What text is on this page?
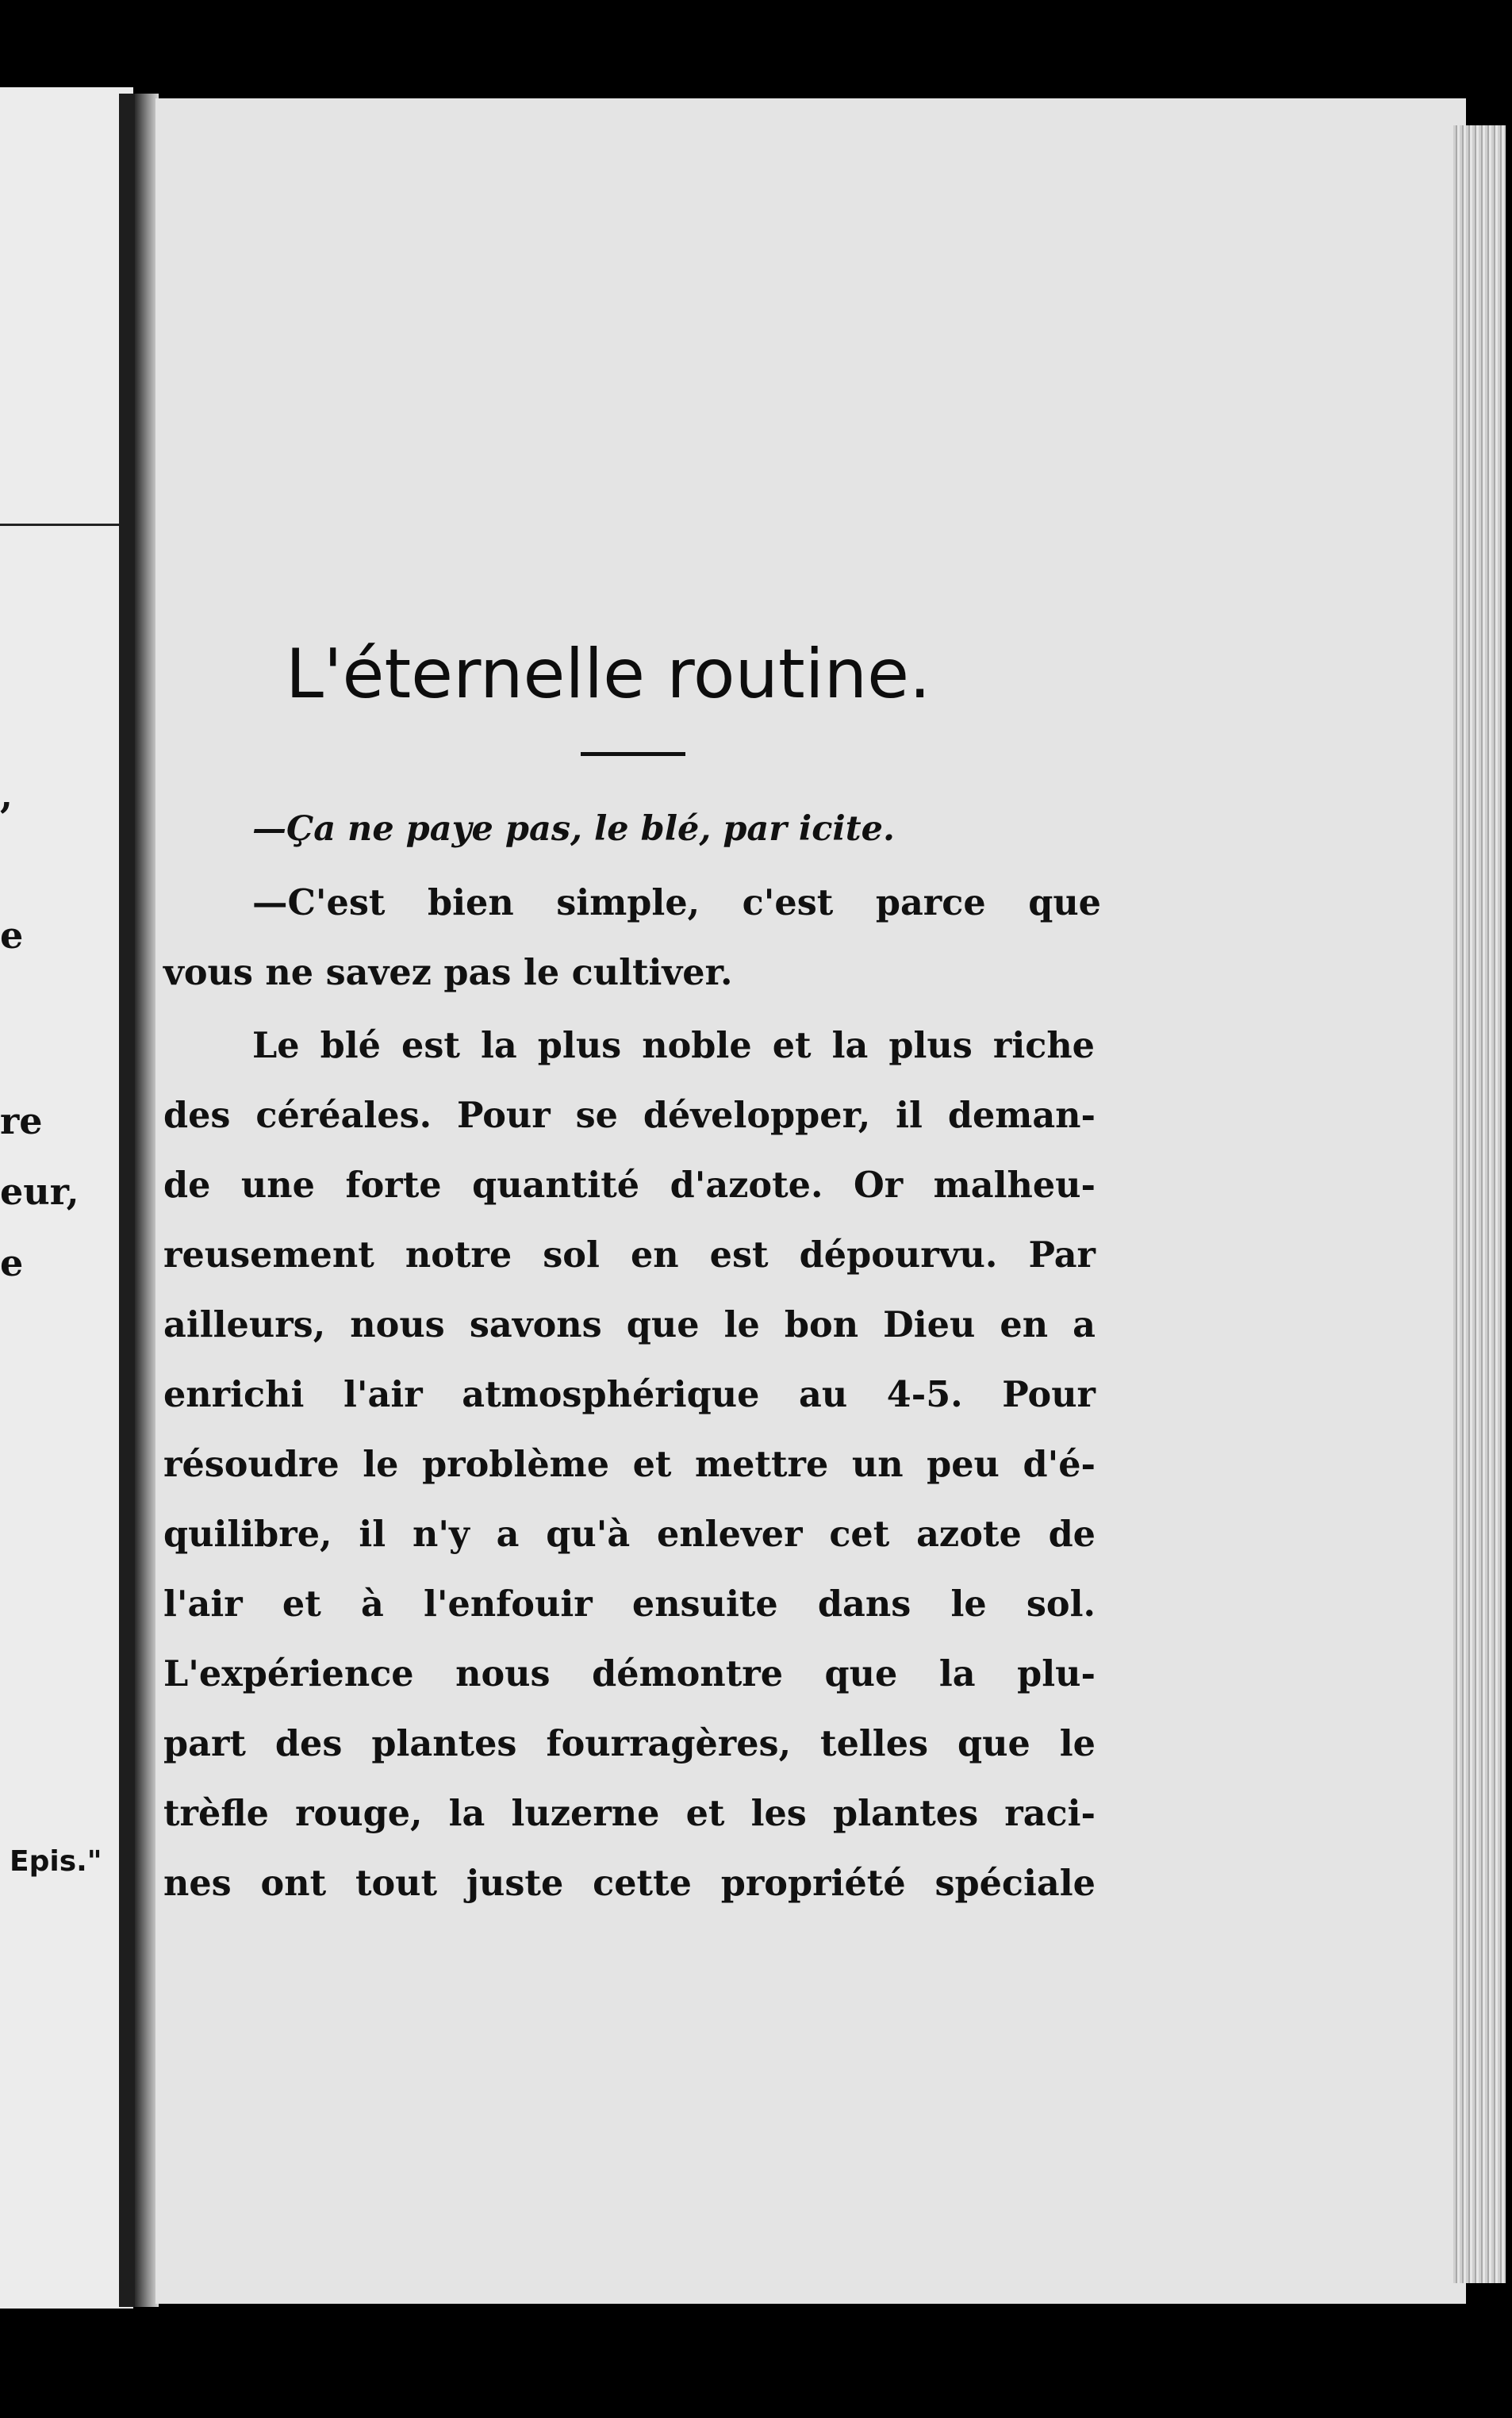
,
e
re
eur,
e
Epis."
L'éternelle routine.

—Ça ne paye pas, le blé, par icite.

—C'est bien simple, c'est parce que

vous ne savez pas le cultiver.

Le blé est la plus noble et la plus riche

des céréales. Pour se développer, il deman-

de une forte quantité d'azote. Or malheu-

reusement notre sol en est dépourvu. Par

ailleurs, nous savons que le bon Dieu en a

enrichi l'air atmosphérique au 4-5. Pour

résoudre le problème et mettre un peu d'é-

quilibre, il n'y a qu'à enlever cet azote de

l'air et à l'enfouir ensuite dans le sol.

L'expérience nous démontre que la plu-

part des plantes fourragères, telles que le

trèfle rouge, la luzerne et les plantes raci-

nes ont tout juste cette propriété spéciale
